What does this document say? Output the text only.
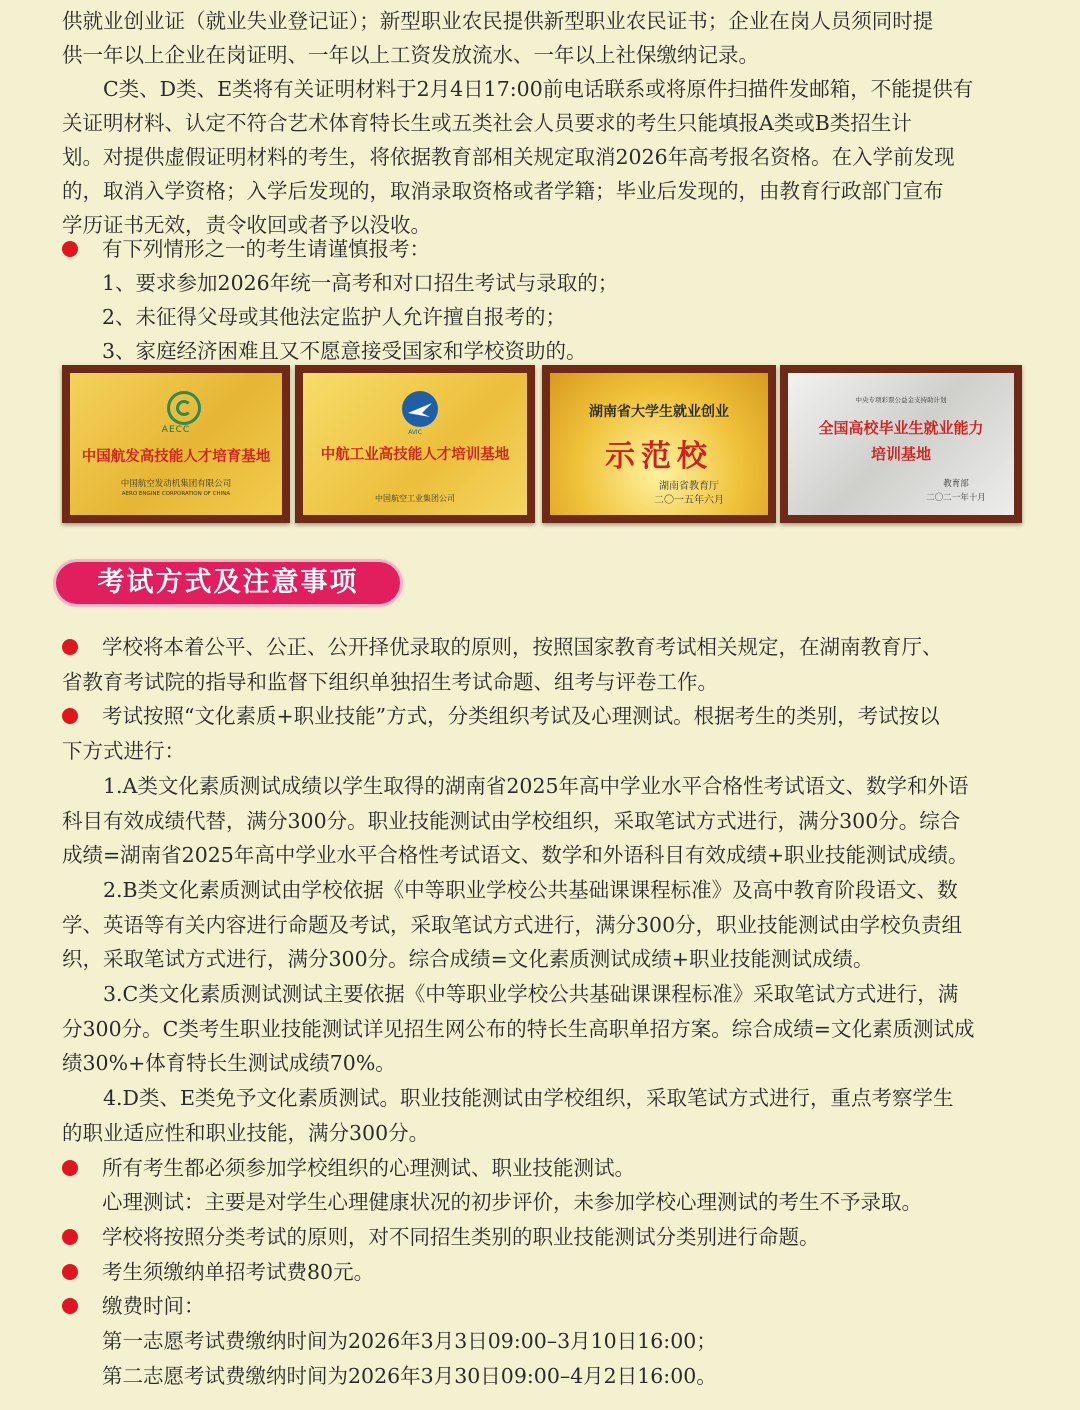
供就业创业证（就业失业登记证）；新型职业农民提供新型职业农民证书；企业在岗人员须同时提
供一年以上企业在岗证明、一年以上工资发放流水、一年以上社保缴纳记录。
　　C类、D类、E类将有关证明材料于2月4日17:00前电话联系或将原件扫描件发邮箱，不能提供有
关证明材料、认定不符合艺术体育特长生或五类社会人员要求的考生只能填报A类或B类招生计
划。对提供虚假证明材料的考生，将依据教育部相关规定取消2026年高考报名资格。在入学前发现
的，取消入学资格；入学后发现的，取消录取资格或者学籍；毕业后发现的，由教育行政部门宣布
学历证书无效，责令收回或者予以没收。
有下列情形之一的考生请谨慎报考：
1、要求参加2026年统一高考和对口招生考试与录取的；
2、未征得父母或其他法定监护人允许擅自报考的；
3、家庭经济困难且又不愿意接受国家和学校资助的。
AECC
中国航发高技能人才培育基地
中国航空发动机集团有限公司
AERO ENGINE CORPORATION OF CHINA
AVIC
中航工业高技能人才培训基地
中国航空工业集团公司
湖南省大学生就业创业
示范校
湖南省教育厅
二〇一五年六月
中央专项彩票公益金支持助计划
全国高校毕业生就业能力
培训基地
教育部
二〇二一年十月
考试方式及注意事项
学校将本着公平、公正、公开择优录取的原则，按照国家教育考试相关规定，在湖南教育厅、
省教育考试院的指导和监督下组织单独招生考试命题、组考与评卷工作。
考试按照“文化素质+职业技能”方式，分类组织考试及心理测试。根据考生的类别，考试按以
下方式进行：
　　1.A类文化素质测试成绩以学生取得的湖南省2025年高中学业水平合格性考试语文、数学和外语
科目有效成绩代替，满分300分。职业技能测试由学校组织，采取笔试方式进行，满分300分。综合
成绩=湖南省2025年高中学业水平合格性考试语文、数学和外语科目有效成绩+职业技能测试成绩。
　　2.B类文化素质测试由学校依据《中等职业学校公共基础课课程标准》及高中教育阶段语文、数
学、英语等有关内容进行命题及考试，采取笔试方式进行，满分300分，职业技能测试由学校负责组
织，采取笔试方式进行，满分300分。综合成绩=文化素质测试成绩+职业技能测试成绩。
　　3.C类文化素质测试测试主要依据《中等职业学校公共基础课课程标准》采取笔试方式进行，满
分300分。C类考生职业技能测试详见招生网公布的特长生高职单招方案。综合成绩=文化素质测试成
绩30%+体育特长生测试成绩70%。
　　4.D类、E类免予文化素质测试。职业技能测试由学校组织，采取笔试方式进行，重点考察学生
的职业适应性和职业技能，满分300分。
所有考生都必须参加学校组织的心理测试、职业技能测试。
心理测试：主要是对学生心理健康状况的初步评价，未参加学校心理测试的考生不予录取。
学校将按照分类考试的原则，对不同招生类别的职业技能测试分类别进行命题。
考生须缴纳单招考试费80元。
缴费时间：
第一志愿考试费缴纳时间为2026年3月3日09:00–3月10日16:00；
第二志愿考试费缴纳时间为2026年3月30日09:00–4月2日16:00。
